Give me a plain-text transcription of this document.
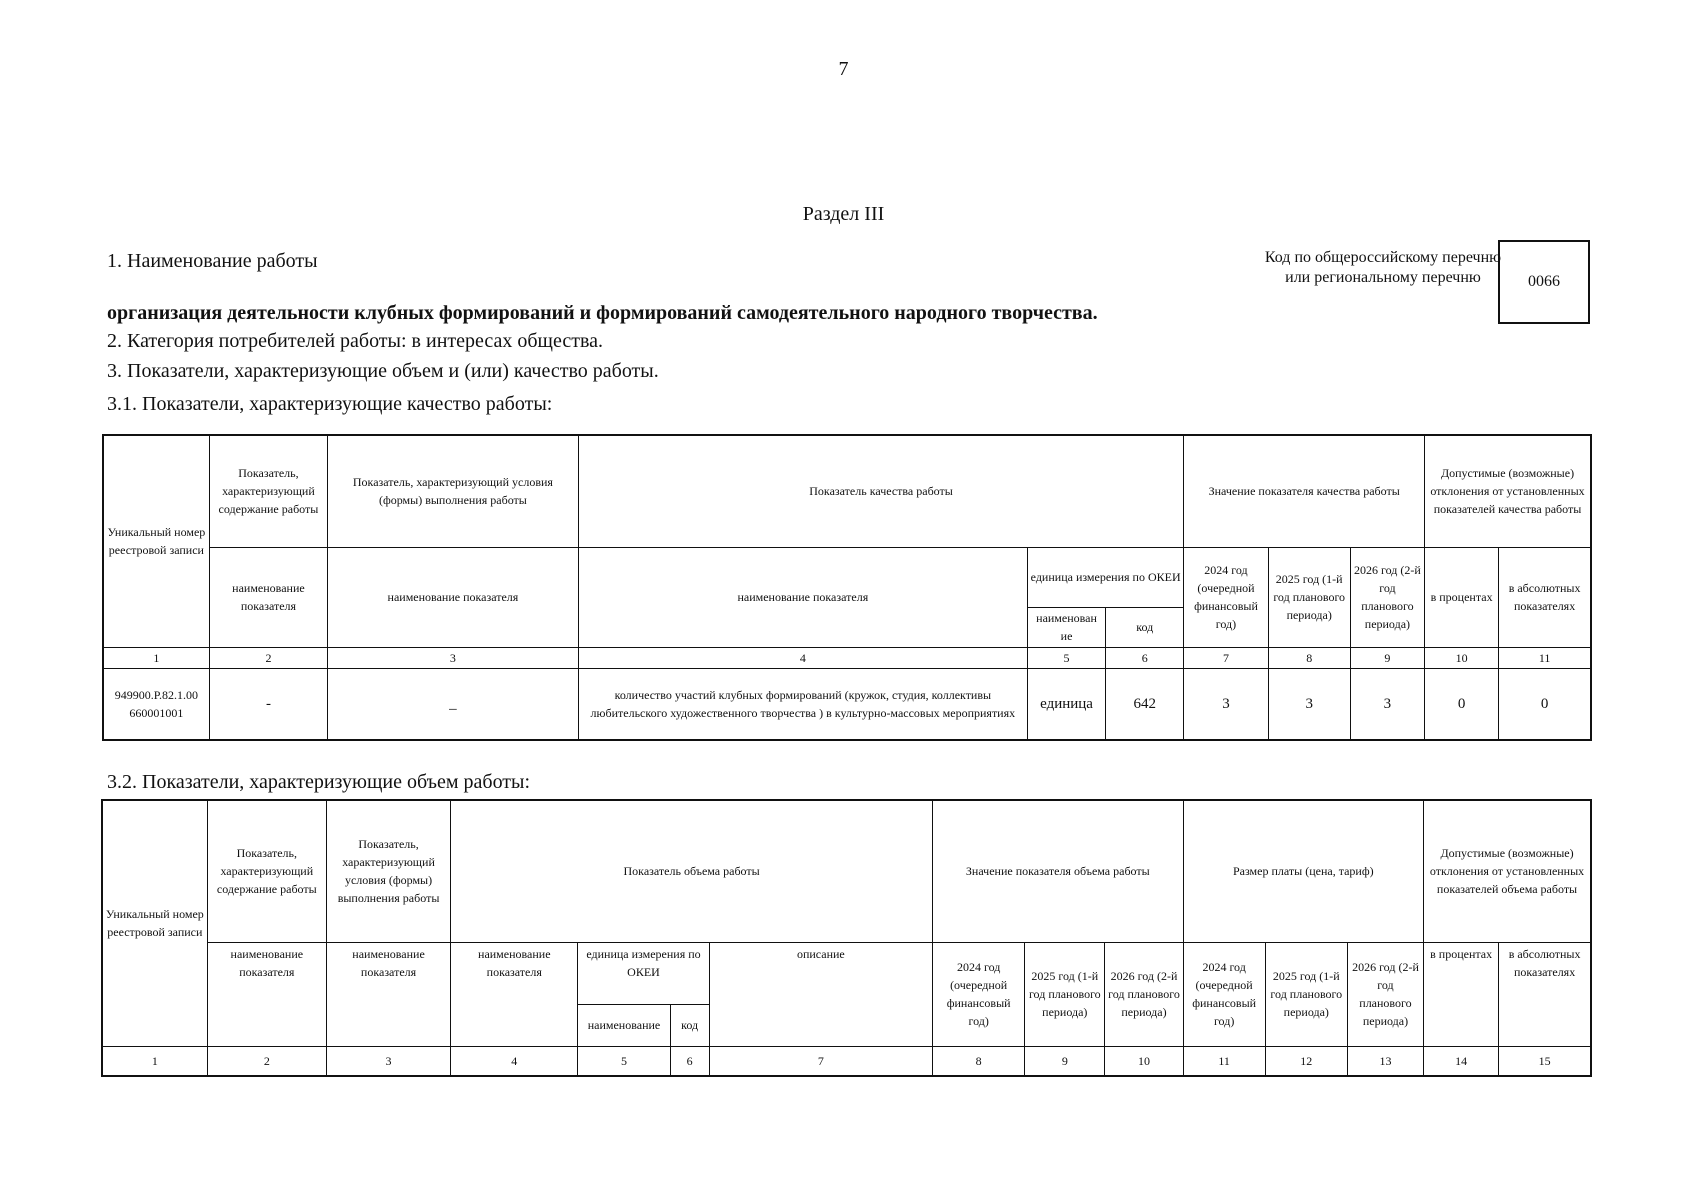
7
Раздел III
1. Наименование работы
организация деятельности клубных формирований и формирований самодеятельного народного творчества.
2. Категория потребителей работы: в интересах общества.
3. Показатели, характеризующие объем и (или) качество работы.
3.1. Показатели, характеризующие качество работы:
3.2. Показатели, характеризующие объем работы:
Код по общероссийскому перечню или региональному перечню	0066
Уникальный номер реестровой записи	Показатель, характеризующий содержание работы	Показатель, характеризующий условия (формы) выполнения работы	Показатель качества работы			Значение показателя качества работы			Допустимые (возможные) отклонения от установленных показателей качества работы	
	наименование показателя	наименование показателя	наименование показателя	единица измерения по ОКЕИ		2024 год (очередной финансовый год)	2025 год (1-й год планового периода)	2026 год (2-й год планового периода)	в процентах	в абсолютных показателях
				наименован ие	код					
1	2	3	4	5	6	7	8	9	10	11
949900.Р.82.1.00 660001001	-	_	количество участий клубных формирований (кружок, студия, коллективы любительского художественного творчества ) в культурно-массовых мероприятиях	единица	642	3	3	3	0	0
Уникальный номер реестровой записи	Показатель, характеризующий содержание работы	Показатель, характеризующий условия (формы) выполнения работы	Показатель объема работы				Значение показателя объема работы			Размер платы (цена, тариф)			Допустимые (возможные) отклонения от установленных показателей объема работы	
	наименование показателя	наименование показателя	наименование показателя	единица измерения по ОКЕИ		описание	2024 год (очередной финансовый год)	2025 год (1-й год планового периода)	2026 год (2-й год планового периода)	2024 год (очередной финансовый год)	2025 год (1-й год планового периода)	2026 год (2-й год планового периода)	в процентах	в абсолютных показателях
				наименование	код									
1	2	3	4	5	6	7	8	9	10	11	12	13	14	15
